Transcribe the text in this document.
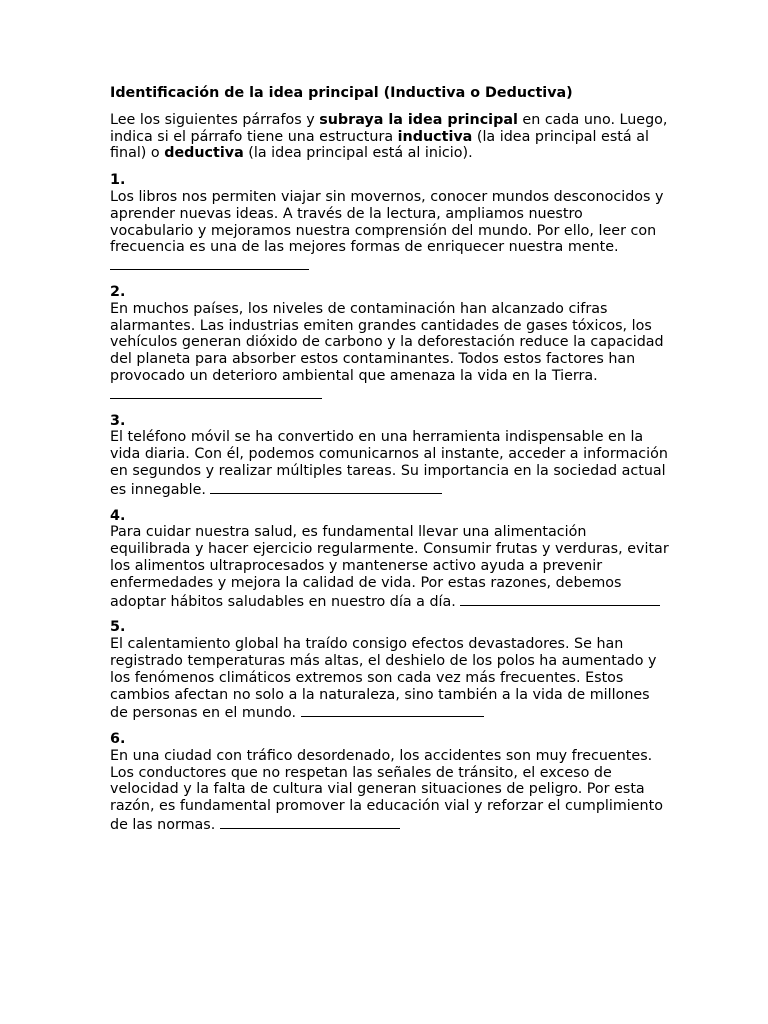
Identificación de la idea principal (Inductiva o Deductiva)
Lee los siguientes párrafos y subraya la idea principal en cada uno. Luego, indica si el párrafo tiene una estructura inductiva (la idea principal está al final) o deductiva (la idea principal está al inicio).
1.
Los libros nos permiten viajar sin movernos, conocer mundos desconocidos y aprender nuevas ideas. A través de la lectura, ampliamos nuestro vocabulario y mejoramos nuestra comprensión del mundo. Por ello, leer con frecuencia es una de las mejores formas de enriquecer nuestra mente.

2.
En muchos países, los niveles de contaminación han alcanzado cifras alarmantes. Las industrias emiten grandes cantidades de gases tóxicos, los vehículos generan dióxido de carbono y la deforestación reduce la capacidad del planeta para absorber estos contaminantes. Todos estos factores han provocado un deterioro ambiental que amenaza la vida en la Tierra.
3.
El teléfono móvil se ha convertido en una herramienta indispensable en la vida diaria. Con él, podemos comunicarnos al instante, acceder a información en segundos y realizar múltiples tareas. Su importancia en la sociedad actual es innegable.
4.
Para cuidar nuestra salud, es fundamental llevar una alimentación equilibrada y hacer ejercicio regularmente. Consumir frutas y verduras, evitar los alimentos ultraprocesados y mantenerse activo ayuda a prevenir enfermedades y mejora la calidad de vida. Por estas razones, debemos adoptar hábitos saludables en nuestro día a día.
5.
El calentamiento global ha traído consigo efectos devastadores. Se han registrado temperaturas más altas, el deshielo de los polos ha aumentado y los fenómenos climáticos extremos son cada vez más frecuentes. Estos cambios afectan no solo a la naturaleza, sino también a la vida de millones de personas en el mundo.
6.
En una ciudad con tráfico desordenado, los accidentes son muy frecuentes. Los conductores que no respetan las señales de tránsito, el exceso de velocidad y la falta de cultura vial generan situaciones de peligro. Por esta razón, es fundamental promover la educación vial y reforzar el cumplimiento de las normas.
